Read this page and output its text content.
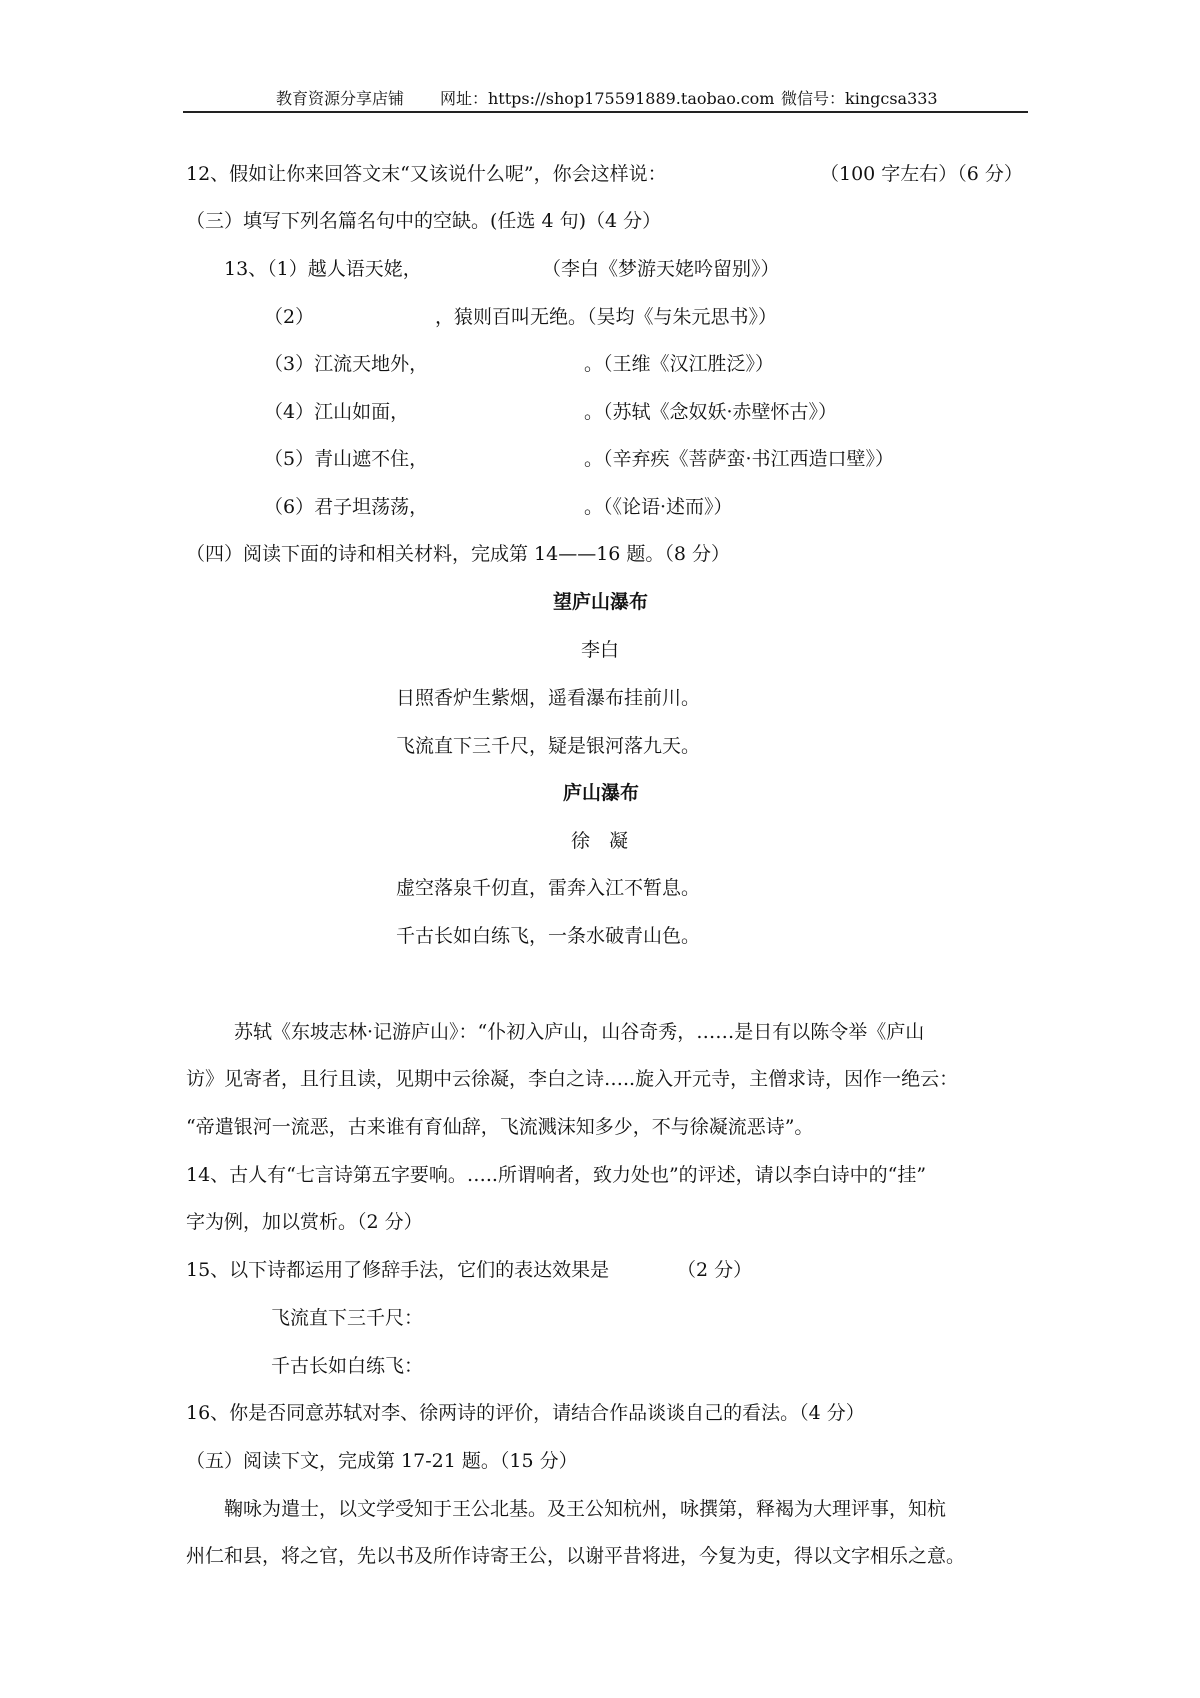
教育资源分享店铺 网址：https://shop175591889.taobao.com 微信号：kingcsa333
12、假如让你来回答文末“又该说什么呢”，你会这样说：	（100 字左右）（6 分）
（三）填写下列名篇名句中的空缺。(任选 4 句)（4 分）
13、（1）越人语天姥，	（李白《梦游天姥吟留别》）
（2）	，猿则百叫无绝。（吴均《与朱元思书》）
（3）江流天地外，	。（王维《汉江胜泛》）
（4）江山如面，	。（苏轼《念奴妖·赤壁怀古》）
（5）青山遮不住，	。（辛弃疾《菩萨蛮·书江西造口壁》）
（6）君子坦荡荡，	。（《论语·述而》）
（四）阅读下面的诗和相关材料，完成第 14——16 题。（8 分）
望庐山瀑布
李白
日照香炉生紫烟，遥看瀑布挂前川。
飞流直下三千尺，疑是银河落九天。
庐山瀑布
徐　凝
虚空落泉千仞直，雷奔入江不暂息。
千古长如白练飞，一条水破青山色。
苏轼《东坡志林·记游庐山》：“仆初入庐山，山谷奇秀，……是日有以陈令举《庐山
访》见寄者，且行且读，见期中云徐凝，李白之诗…..旋入开元寺，主僧求诗，因作一绝云：
“帝遣银河一流恶，古来谁有育仙辞，飞流溅沫知多少，不与徐凝流恶诗”。
14、古人有“七言诗第五字要响。…..所谓响者，致力处也”的评述，请以李白诗中的“挂”
字为例，加以赏析。（2 分）
15、以下诗都运用了修辞手法，它们的表达效果是	（2 分）
飞流直下三千尺：
千古长如白练飞：
16、你是否同意苏轼对李、徐两诗的评价，请结合作品谈谈自己的看法。（4 分）
（五）阅读下文，完成第 17-21 题。（15 分）
鞠咏为遣士，以文学受知于王公北基。及王公知杭州，咏撰第，释褐为大理评事，知杭
州仁和县，将之官，先以书及所作诗寄王公，以谢平昔将进，今复为吏，得以文字相乐之意。
